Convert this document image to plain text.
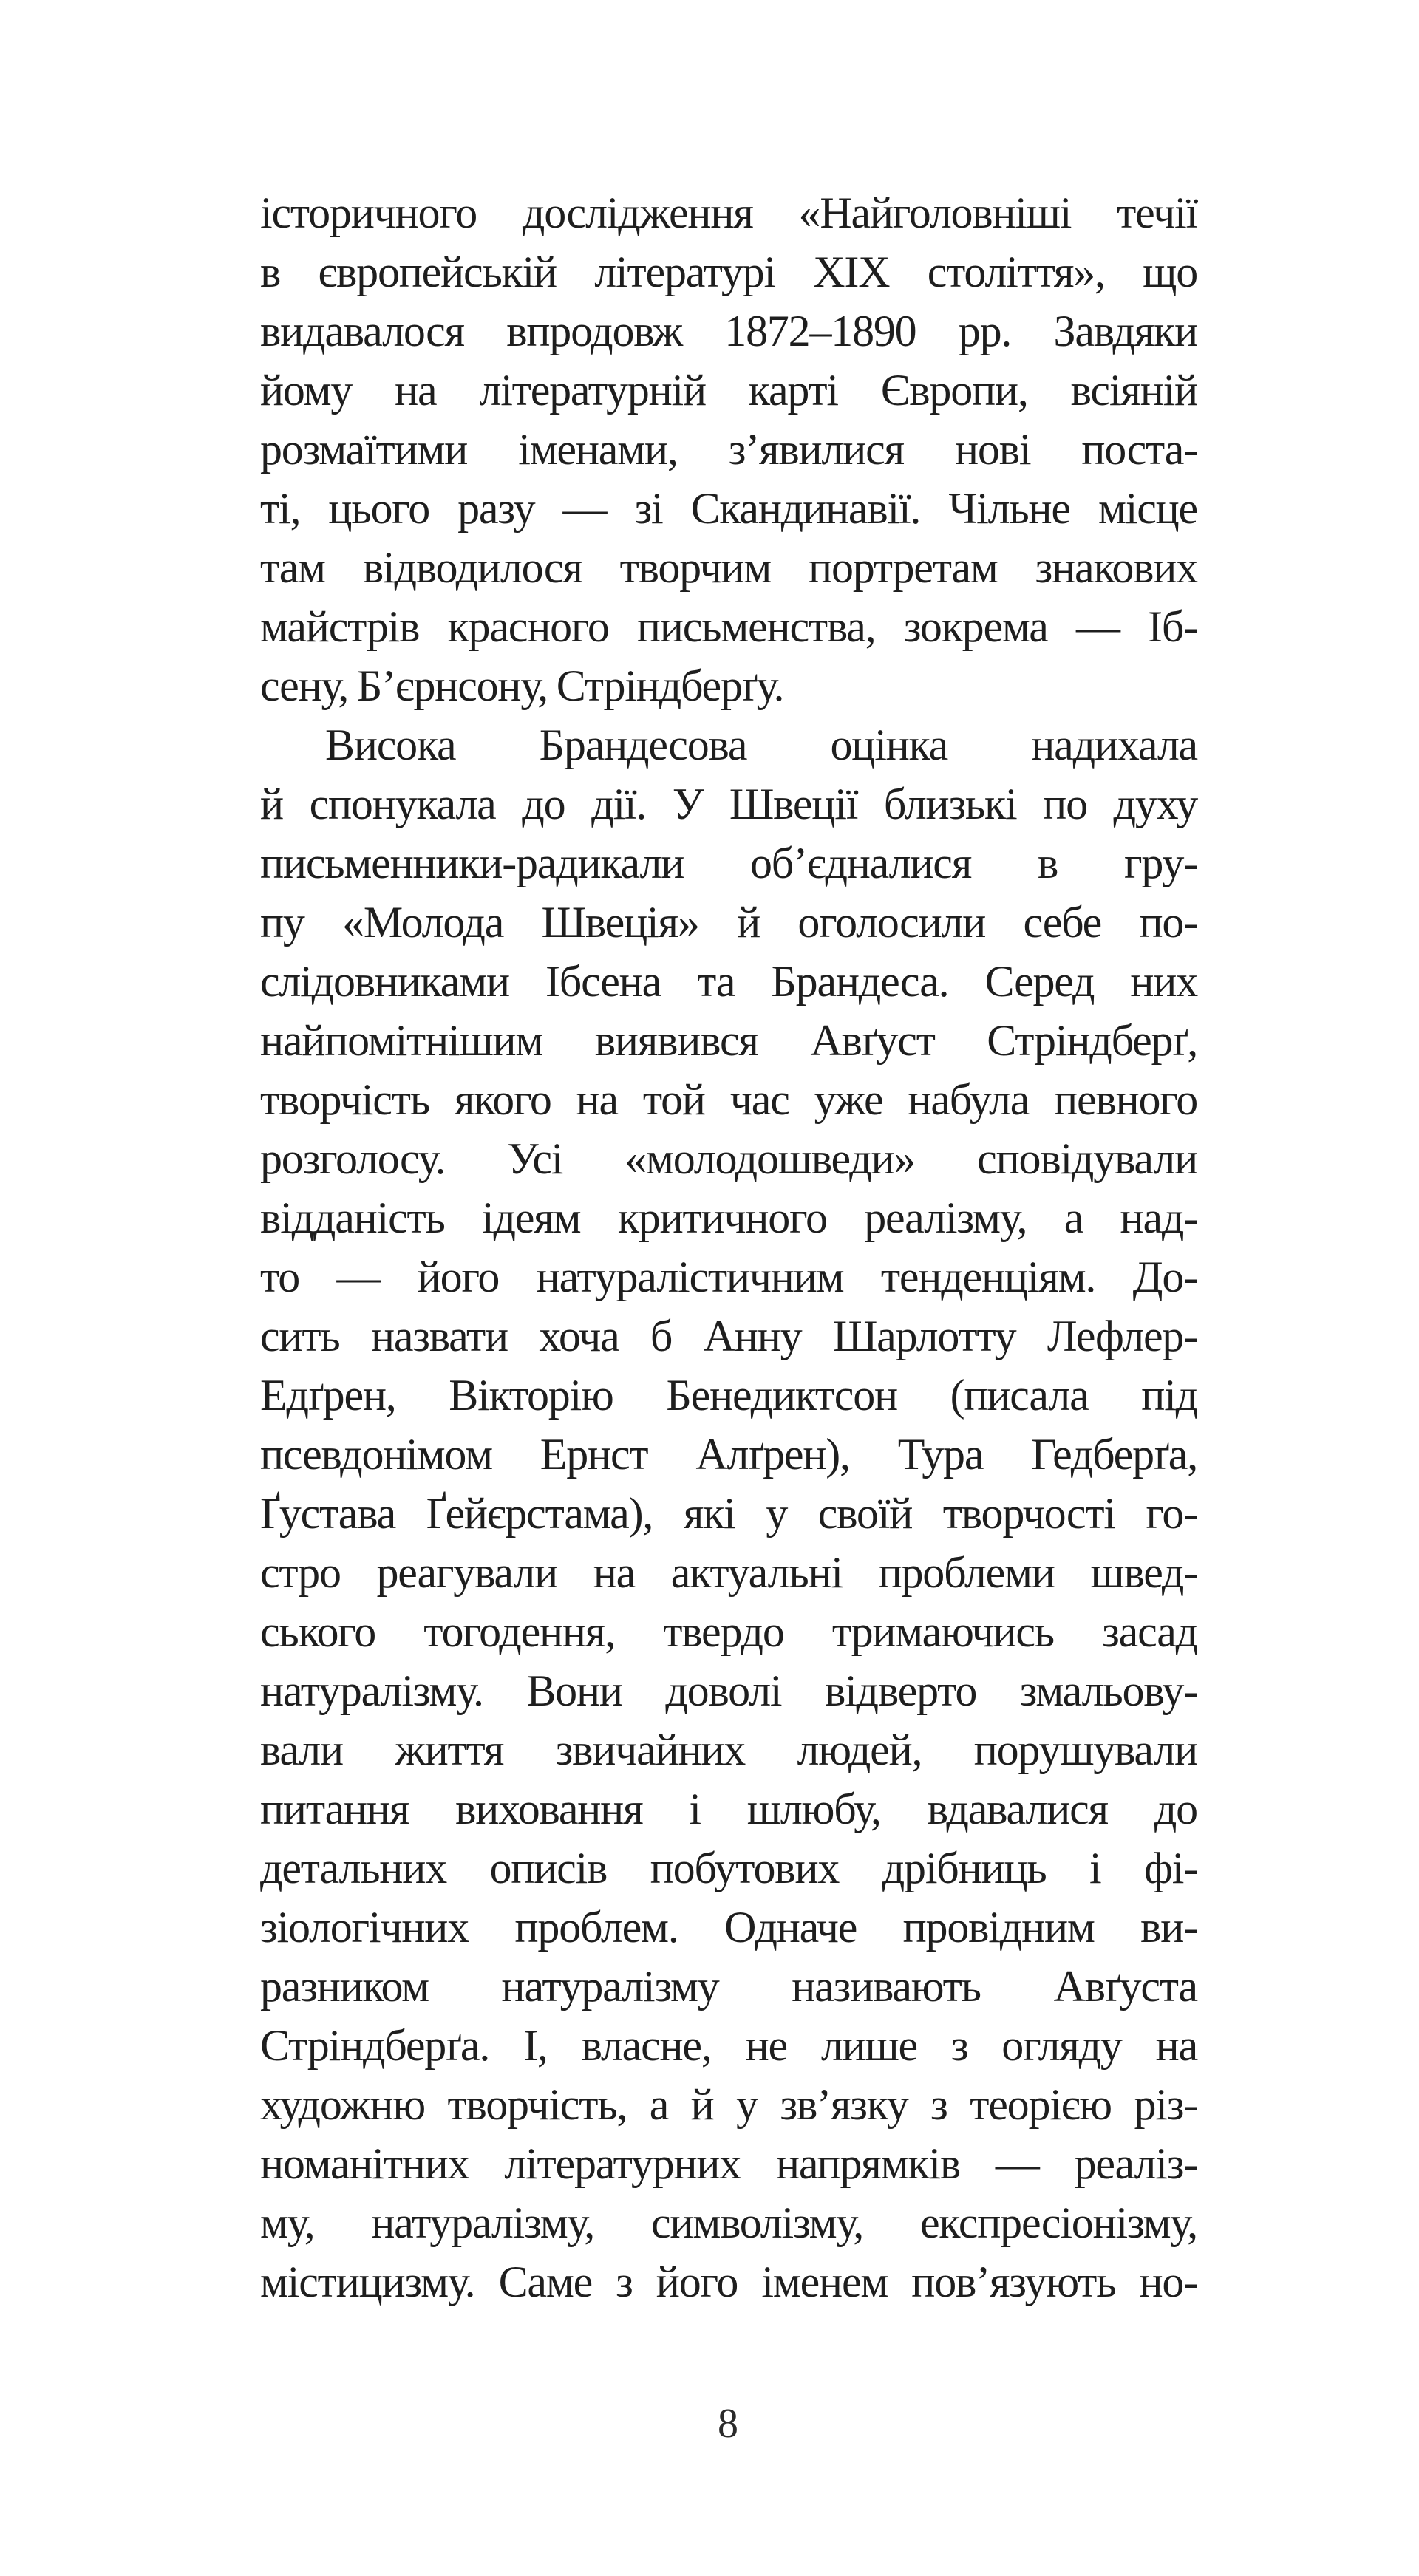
історичного дослідження «Найголовніші течії
в європейській літературі XIX століття», що
видавалося впродовж 1872–1890 рр. Завдяки
йому на літературній карті Європи, всіяній
розмаїтими іменами, з’явилися нові поста-
ті, цього разу — зі Скандинавії. Чільне місце
там відводилося творчим портретам знакових
майстрів красного письменства, зокрема — Іб-
сену, Б’єрнсону, Стріндберґу.
Висока Брандесова оцінка надихала
й спонукала до дії. У Швеції близькі по духу
письменники-радикали об’єдналися в гру-
пу «Молода Швеція» й оголосили себе по-
слідовниками Ібсена та Брандеса. Серед них
найпомітнішим виявився Авґуст Стріндберґ,
творчість якого на той час уже набула певного
розголосу. Усі «молодошведи» сповідували
відданість ідеям критичного реалізму, а над-
то — його натуралістичним тенденціям. До-
сить назвати хоча б Анну Шарлотту Лефлер-
Едґрен, Вікторію Бенедиктсон (писала під
псевдонімом Ернст Алґрен), Тура Гедберґа,
Ґустава Ґейєрстама), які у своїй творчості го-
стро реагували на актуальні проблеми швед-
ського тогодення, твердо тримаючись засад
натуралізму. Вони доволі відверто змальову-
вали життя звичайних людей, порушували
питання виховання і шлюбу, вдавалися до
детальних описів побутових дрібниць і фі-
зіологічних проблем. Одначе провідним ви-
разником натуралізму називають Авґуста
Стріндберґа. І, власне, не лише з огляду на
художню творчість, а й у зв’язку з теорією різ-
номанітних літературних напрямків — реаліз-
му, натуралізму, символізму, експресіонізму,
містицизму. Саме з його іменем пов’язують но-
8
